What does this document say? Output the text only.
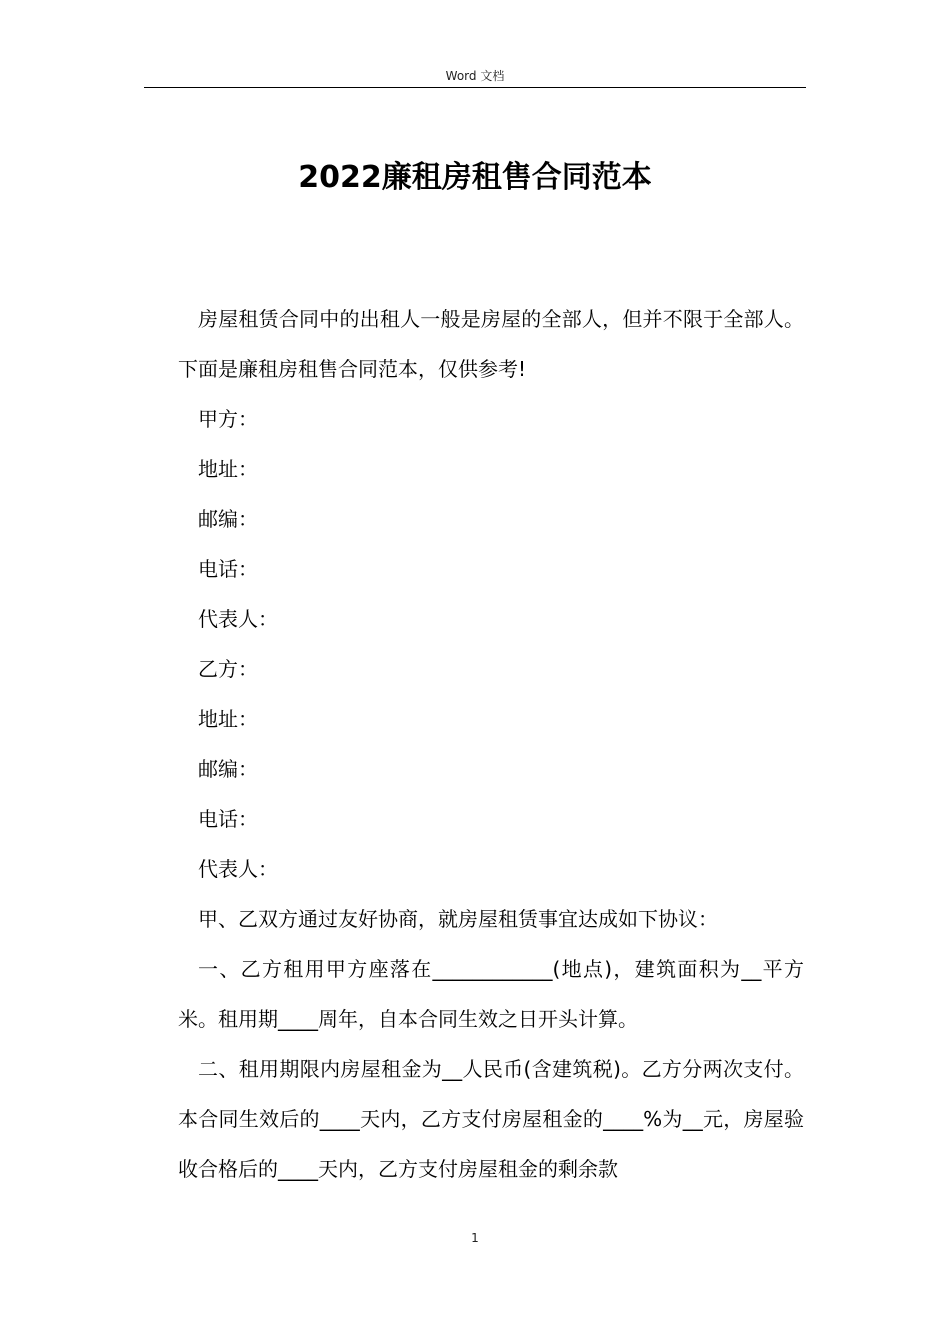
Word 文档
2022廉租房租售合同范本

房屋租赁合同中的出租人一般是房屋的全部人，但并不限于全部人。下面是廉租房租售合同范本，仅供参考!

甲方：

地址：

邮编：

电话：

代表人：

乙方：

地址：

邮编：

电话：

代表人：

甲、乙双方通过友好协商，就房屋租赁事宜达成如下协议：

一、乙方租用甲方座落在____________(地点)，建筑面积为__平方米。租用期____周年，自本合同生效之日开头计算。

二、租用期限内房屋租金为__人民币(含建筑税)。乙方分两次支付。本合同生效后的____天内，乙方支付房屋租金的____%为__元，房屋验收合格后的____天内，乙方支付房屋租金的剩余款

1
